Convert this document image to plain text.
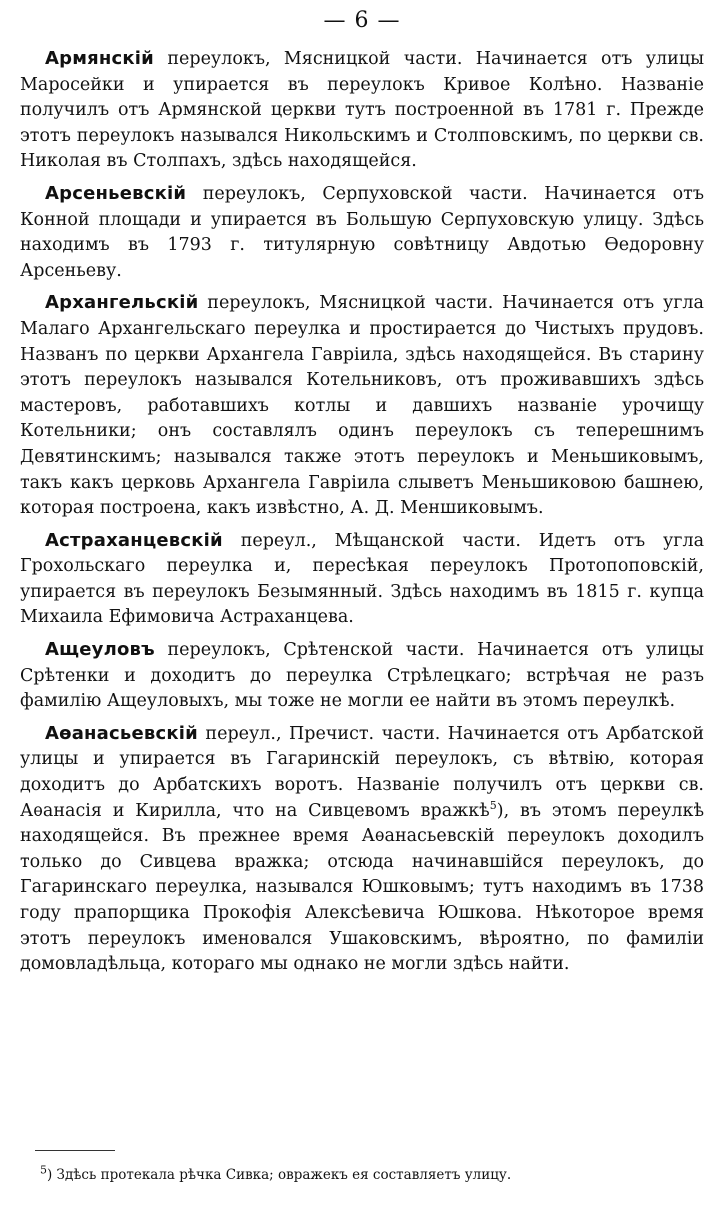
— 6 —

Армянскій переулокъ, Мясницкой части. Начинается отъ улицы Маросейки и упирается въ переулокъ Кривое Колѣно. Названіе получилъ отъ Армянской церкви тутъ построенной въ 1781 г. Прежде этотъ переулокъ назывался Никольскимъ и Столповскимъ, по церкви св. Николая въ Столпахъ, здѣсь находящейся.

Арсеньевскій переулокъ, Серпуховской части. Начинается отъ Конной площади и упирается въ Большую Серпуховскую улицу. Здѣсь находимъ въ 1793 г. титулярную совѣтницу Авдотью Ѳедоровну Арсеньеву.

Архангельскій переулокъ, Мясницкой части. Начинается отъ угла Малаго Архангельскаго переулка и простирается до Чистыхъ прудовъ. Названъ по церкви Архангела Гавріила, здѣсь находящейся. Въ старину этотъ переулокъ назывался Котельниковъ, отъ проживавшихъ здѣсь мастеровъ, работавшихъ котлы и давшихъ названіе урочищу Котельники; онъ составлялъ одинъ переулокъ съ теперешнимъ Девятинскимъ; назывался также этотъ переулокъ и Меньшиковымъ, такъ какъ церковь Архангела Гавріила слыветъ Меньшиковою башнею, которая построена, какъ извѣстно, А. Д. Меншиковымъ.

Астраханцевскій переул., Мѣщанской части. Идетъ отъ угла Грохольскаго переулка и, пересѣкая переулокъ Протопоповскій, упирается въ переулокъ Безымянный. Здѣсь находимъ въ 1815 г. купца Михаила Ефимовича Астраханцева.

Ащеуловъ переулокъ, Срѣтенской части. Начинается отъ улицы Срѣтенки и доходитъ до переулка Стрѣлецкаго; встрѣчая не разъ фамилію Ащеуловыхъ, мы тоже не могли ее найти въ этомъ переулкѣ.

Аѳанасьевскій переул., Пречист. части. Начинается отъ Арбатской улицы и упирается въ Гагаринскій переулокъ, съ вѣтвію, которая доходитъ до Арбатскихъ воротъ. Названіе получилъ отъ церкви св. Аѳанасія и Кирилла, что на Сивцевомъ вражкѣ$^5$), въ этомъ переулкѣ находящейся. Въ прежнее время Аѳанасьевскій переулокъ доходилъ только до Сивцева вражка; отсюда начинавшійся переулокъ, до Гагаринскаго переулка, назывался Юшковымъ; тутъ находимъ въ 1738 году прапорщика Прокофія Алексѣевича Юшкова. Нѣкоторое время этотъ переулокъ именовался Ушаковскимъ, вѣроятно, по фамиліи домовладѣльца, котораго мы однако не могли здѣсь найти.

$^5$) Здѣсь протекала рѣчка Сивка; овражекъ ея составляетъ улицу.
